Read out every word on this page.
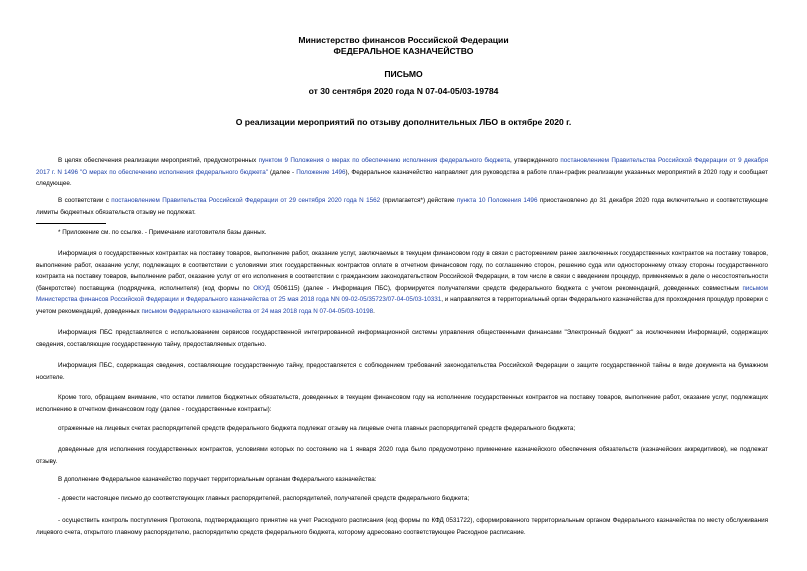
Министерство финансов Российской Федерации
ФЕДЕРАЛЬНОЕ КАЗНАЧЕЙСТВО
ПИСЬМО
от 30 сентября 2020 года N 07-04-05/03-19784
О реализации мероприятий по отзыву дополнительных ЛБО в октябре 2020 г.
В целях обеспечения реализации мероприятий, предусмотренных пунктом 9 Положения о мерах по обеспечению исполнения федерального бюджета, утвержденного постановлением Правительства Российской Федерации от 9 декабря 2017 г. N 1496 "О мерах по обеспечению исполнения федерального бюджета" (далее - Положение 1496), Федеральное казначейство направляет для руководства в работе план-график реализации указанных мероприятий в 2020 году и сообщает следующее.
В соответствии с постановлением Правительства Российской Федерации от 29 сентября 2020 года N 1562 (прилагается*) действие пункта 10 Положения 1496 приостановлено до 31 декабря 2020 года включительно и соответствующие лимиты бюджетных обязательств отзыву не подлежат.
* Приложение см. по ссылке. - Примечание изготовителя базы данных.
Информация о государственных контрактах на поставку товаров, выполнение работ, оказание услуг, заключаемых в текущем финансовом году в связи с расторжением ранее заключенных государственных контрактов на поставку товаров, выполнение работ, оказание услуг, подлежащих в соответствии с условиями этих государственных контрактов оплате в отчетном финансовом году, по соглашению сторон, решению суда или одностороннему отказу стороны государственного контракта на поставку товаров, выполнение работ, оказание услуг от его исполнения в соответствии с гражданским законодательством Российской Федерации, в том числе в связи с введением процедур, применяемых в деле о несостоятельности (банкротстве) поставщика (подрядчика, исполнителя) (код формы по ОКУД 0506115) (далее - Информация ПБС), формируется получателями средств федерального бюджета с учетом рекомендаций, доведенных совместным письмом Министерства финансов Российской Федерации и Федерального казначейства от 25 мая 2018 года NN 09-02-05/35723/07-04-05/03-10331, и направляется в территориальный орган Федерального казначейства для прохождения процедур проверки с учетом рекомендаций, доведенных письмом Федерального казначейства от 24 мая 2018 года N 07-04-05/03-10198.
Информация ПБС представляется с использованием сервисов государственной интегрированной информационной системы управления общественными финансами "Электронный бюджет" за исключением Информаций, содержащих сведения, составляющие государственную тайну, предоставляемых отдельно.
Информация ПБС, содержащая сведения, составляющие государственную тайну, предоставляется с соблюдением требований законодательства Российской Федерации о защите государственной тайны в виде документа на бумажном носителе.
Кроме того, обращаем внимание, что остатки лимитов бюджетных обязательств, доведенных в текущем финансовом году на исполнение государственных контрактов на поставку товаров, выполнение работ, оказание услуг, подлежащих исполнению в отчетном финансовом году (далее - государственные контракты):
отраженные на лицевых счетах распорядителей средств федерального бюджета подлежат отзыву на лицевые счета главных распорядителей средств федерального бюджета;
доведенные для исполнения государственных контрактов, условиями которых по состоянию на 1 января 2020 года было предусмотрено применение казначейского обеспечения обязательств (казначейских аккредитивов), не подлежат отзыву.
В дополнение Федеральное казначейство поручает территориальным органам Федерального казначейства:
- довести настоящее письмо до соответствующих главных распорядителей, распорядителей, получателей средств федерального бюджета;
- осуществить контроль поступления Протокола, подтверждающего принятие на учет Расходного расписания (код формы по КФД 0531722), сформированного территориальным органом Федерального казначейства по месту обслуживания лицевого счета, открытого главному распорядителю, распорядителю средств федерального бюджета, которому адресовано соответствующее Расходное расписание.
